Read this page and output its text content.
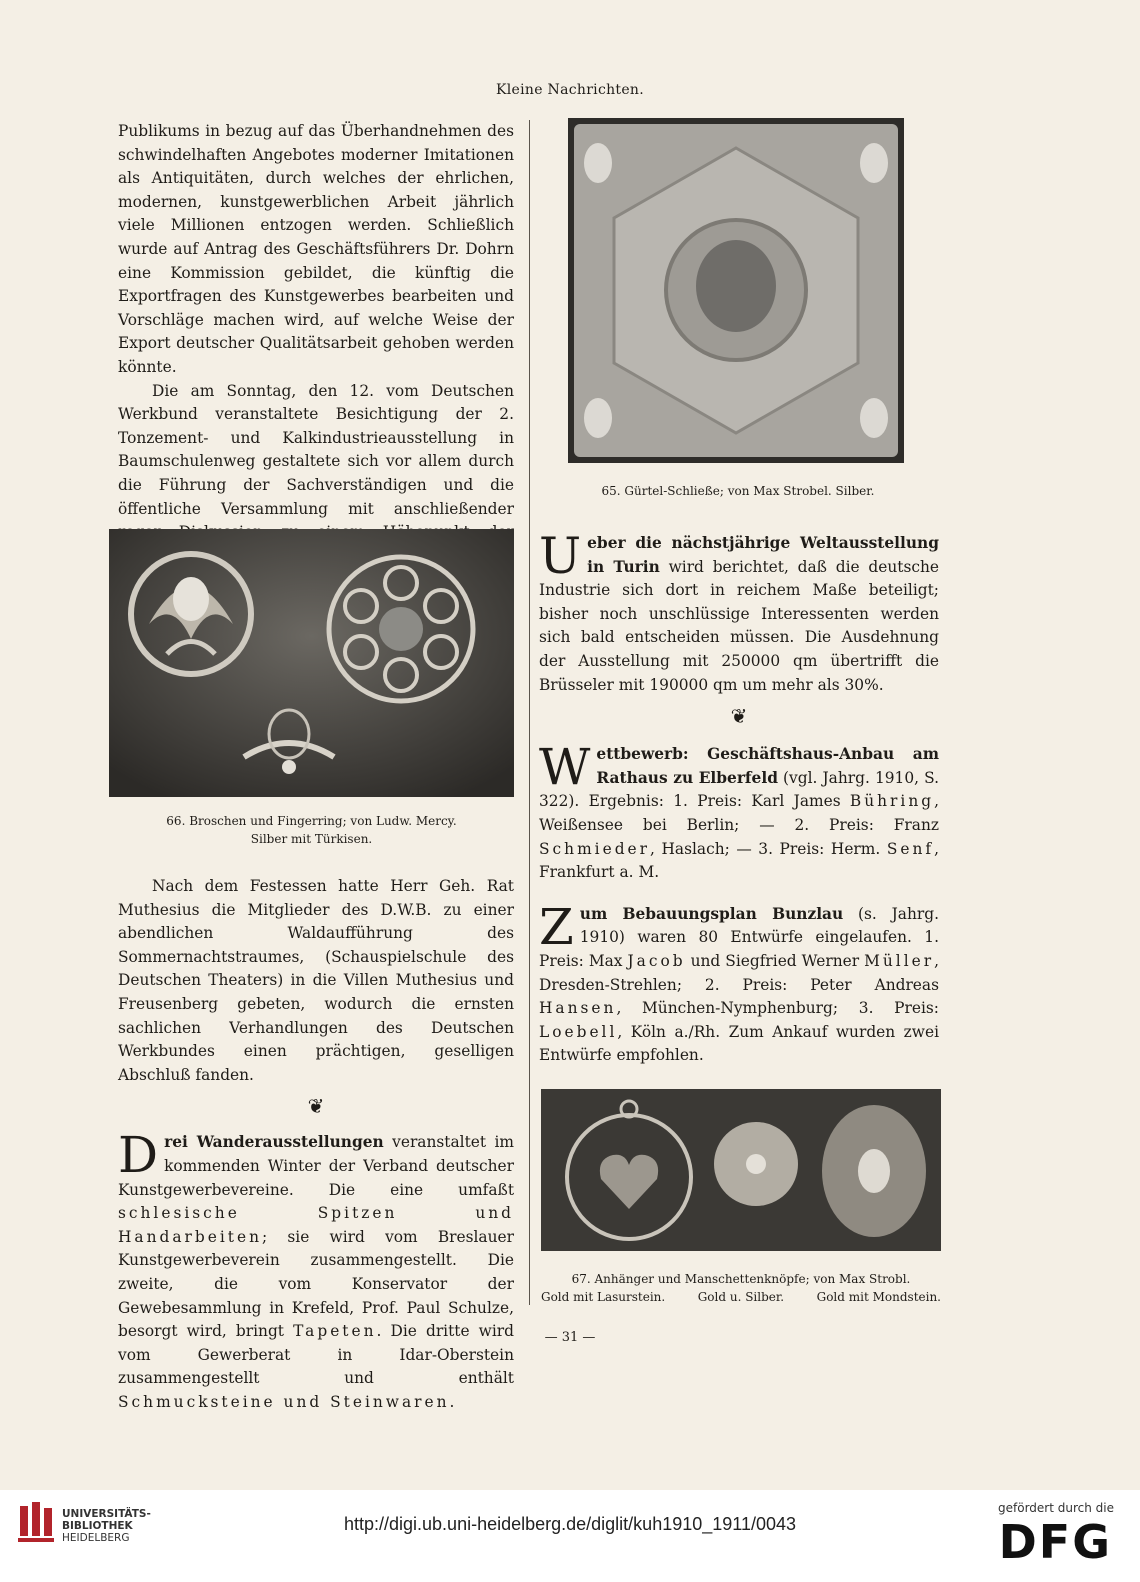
Kleine Nachrichten.

Publikums in bezug auf das Überhandnehmen des schwindelhaften Angebotes moderner Imitationen als Antiquitäten, durch welches der ehrlichen, modernen, kunstgewerblichen Arbeit jährlich viele Millionen entzogen werden. Schließlich wurde auf Antrag des Geschäftsführers Dr. Dohrn eine Kommission gebildet, die künftig die Exportfragen des Kunstgewerbes bearbeiten und Vorschläge machen wird, auf welche Weise der Export deutscher Qualitätsarbeit gehoben werden könnte.

Die am Sonntag, den 12. vom Deutschen Werkbund veranstaltete Besichtigung der 2. Tonzement- und Kalkindustrieausstellung in Baumschulenweg gestaltete sich vor allem durch die Führung der Sachverständigen und die öffentliche Versammlung mit anschließender

66. Broschen und Fingerring; von Ludw. Mercy.
Silber mit Türkisen.

Nach dem Festessen hatte Herr Geh. Rat Muthesius die Mitglieder des D.W.B. zu einer abendlichen Waldaufführung des Sommernachtstraumes, (Schauspielschule des Deutschen Theaters) in die Villen Muthesius und Freusenberg gebeten, wodurch die ernsten sachlichen Verhandlungen des Deutschen Werkbundes einen prächtigen, geselligen Abschluß fanden.

❦

Drei Wanderausstellungen veranstaltet im kommenden Winter der Verband deutscher Kunstgewerbevereine. Die eine umfaßt schlesische Spitzen und Handarbeiten; sie wird vom Breslauer Kunstgewerbeverein zusammengestellt. Die zweite, die vom Konservator der Gewebesammlung in Krefeld, Prof. Paul Schulze, besorgt wird, bringt Tapeten. Die dritte wird vom Gewerberat in Idar-Oberstein zusammengestellt und enthält Schmucksteine und Steinwaren.

65. Gürtel-Schließe; von Max Strobel. Silber.

Ueber die nächstjährige Weltausstellung in Turin wird berichtet, daß die deutsche Industrie sich dort in reichem Maße beteiligt; bisher noch unschlüssige Interessenten werden sich bald entscheiden müssen. Die Ausdehnung der Ausstellung mit 250000 qm übertrifft die Brüsseler mit 190000 qm um mehr als 30%.

❦

Wettbewerb: Geschäftshaus-Anbau am Rathaus zu Elberfeld (vgl. Jahrg. 1910, S. 322). Ergebnis: 1. Preis: Karl James Bühring, Weißensee bei Berlin; — 2. Preis: Franz Schmieder, Haslach; — 3. Preis: Herm. Senf, Frankfurt a. M.

Zum Bebauungsplan Bunzlau (s. Jahrg. 1910) waren 80 Entwürfe eingelaufen. 1. Preis: Max Jacob und Siegfried Werner Müller, Dresden-Strehlen; 2. Preis: Peter Andreas Hansen, München-Nymphenburg; 3. Preis: Loebell, Köln a./Rh. Zum Ankauf wurden zwei Entwürfe empfohlen.

67. Anhänger und Manschettenknöpfe; von Max Strobl.
Gold mit Lasurstein.	Gold u. Silber.	Gold mit Mondstein.
— 31 —
UNIVERSITÄTS-
BIBLIOTHEK
HEIDELBERG
http://digi.ub.uni-heidelberg.de/diglit/kuh1910_1911/0043
gefördert durch die
DFG
